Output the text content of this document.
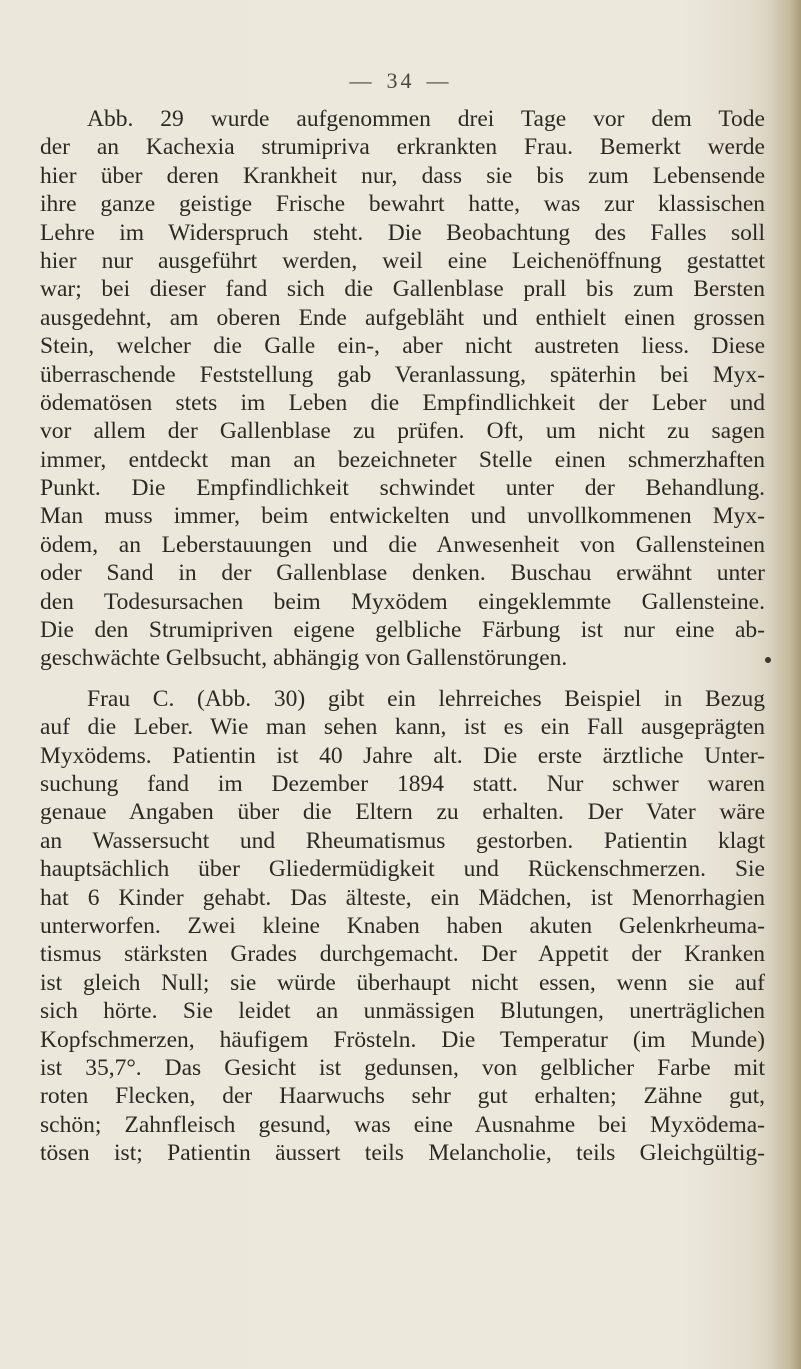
— 34 —
Abb. 29 wurde aufgenommen drei Tage vor dem Tode
der an Kachexia strumipriva erkrankten Frau. Bemerkt werde
hier über deren Krankheit nur, dass sie bis zum Lebensende
ihre ganze geistige Frische bewahrt hatte, was zur klassischen
Lehre im Widerspruch steht. Die Beobachtung des Falles soll
hier nur ausgeführt werden, weil eine Leichenöffnung gestattet
war; bei dieser fand sich die Gallenblase prall bis zum Bersten
ausgedehnt, am oberen Ende aufgebläht und enthielt einen grossen
Stein, welcher die Galle ein-, aber nicht austreten liess. Diese
überraschende Feststellung gab Veranlassung, späterhin bei Myx-
ödematösen stets im Leben die Empfindlichkeit der Leber und
vor allem der Gallenblase zu prüfen. Oft, um nicht zu sagen
immer, entdeckt man an bezeichneter Stelle einen schmerzhaften
Punkt. Die Empfindlichkeit schwindet unter der Behandlung.
Man muss immer, beim entwickelten und unvollkommenen Myx-
ödem, an Leberstauungen und die Anwesenheit von Gallensteinen
oder Sand in der Gallenblase denken. Buschau erwähnt unter
den Todesursachen beim Myxödem eingeklemmte Gallensteine.
Die den Strumipriven eigene gelbliche Färbung ist nur eine ab-
geschwächte Gelbsucht, abhängig von Gallenstörungen.
Frau C. (Abb. 30) gibt ein lehrreiches Beispiel in Bezug
auf die Leber. Wie man sehen kann, ist es ein Fall ausgeprägten
Myxödems. Patientin ist 40 Jahre alt. Die erste ärztliche Unter-
suchung fand im Dezember 1894 statt. Nur schwer waren
genaue Angaben über die Eltern zu erhalten. Der Vater wäre
an Wassersucht und Rheumatismus gestorben. Patientin klagt
hauptsächlich über Gliedermüdigkeit und Rückenschmerzen. Sie
hat 6 Kinder gehabt. Das älteste, ein Mädchen, ist Menorrhagien
unterworfen. Zwei kleine Knaben haben akuten Gelenkrheuma-
tismus stärksten Grades durchgemacht. Der Appetit der Kranken
ist gleich Null; sie würde überhaupt nicht essen, wenn sie auf
sich hörte. Sie leidet an unmässigen Blutungen, unerträglichen
Kopfschmerzen, häufigem Frösteln. Die Temperatur (im Munde)
ist 35,7°. Das Gesicht ist gedunsen, von gelblicher Farbe mit
roten Flecken, der Haarwuchs sehr gut erhalten; Zähne gut,
schön; Zahnfleisch gesund, was eine Ausnahme bei Myxödema-
tösen ist; Patientin äussert teils Melancholie, teils Gleichgültig-
